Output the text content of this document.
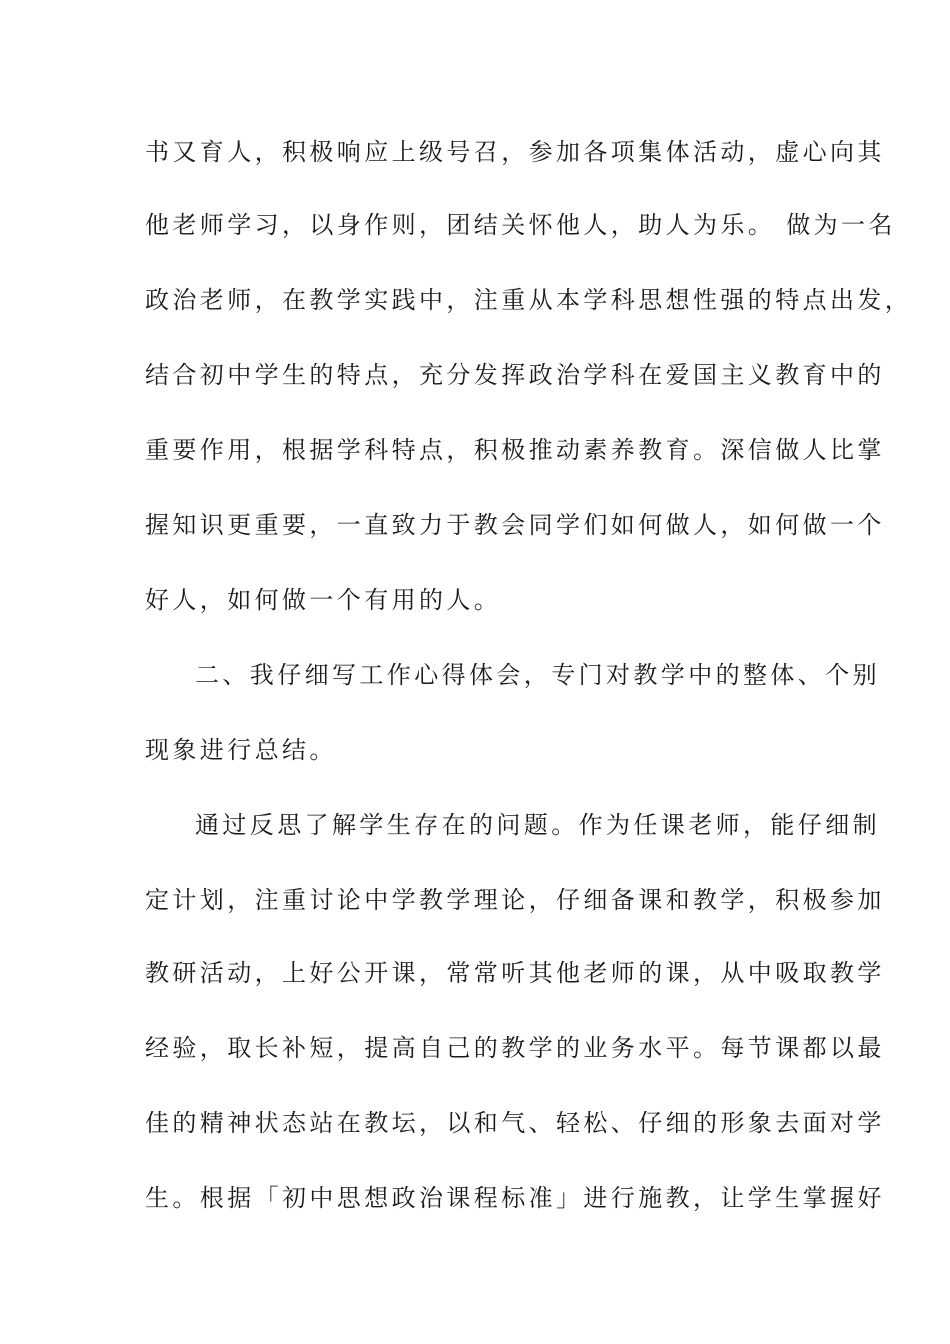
书又育人，积极响应上级号召，参加各项集体活动，虚心向其
他老师学习，以身作则，团结关怀他人，助人为乐。 做为一名
政治老师，在教学实践中，注重从本学科思想性强的特点出发，
结合初中学生的特点，充分发挥政治学科在爱国主义教育中的
重要作用，根据学科特点，积极推动素养教育。深信做人比掌
握知识更重要，一直致力于教会同学们如何做人，如何做一个
好人，如何做一个有用的人。
二、我仔细写工作心得体会，专门对教学中的整体、个别
现象进行总结。
通过反思了解学生存在的问题。作为任课老师，能仔细制
定计划，注重讨论中学教学理论，仔细备课和教学，积极参加
教研活动，上好公开课，常常听其他老师的课，从中吸取教学
经验，取长补短，提高自己的教学的业务水平。每节课都以最
佳的精神状态站在教坛，以和气、轻松、仔细的形象去面对学
生。根据「初中思想政治课程标准」进行施教，让学生掌握好
